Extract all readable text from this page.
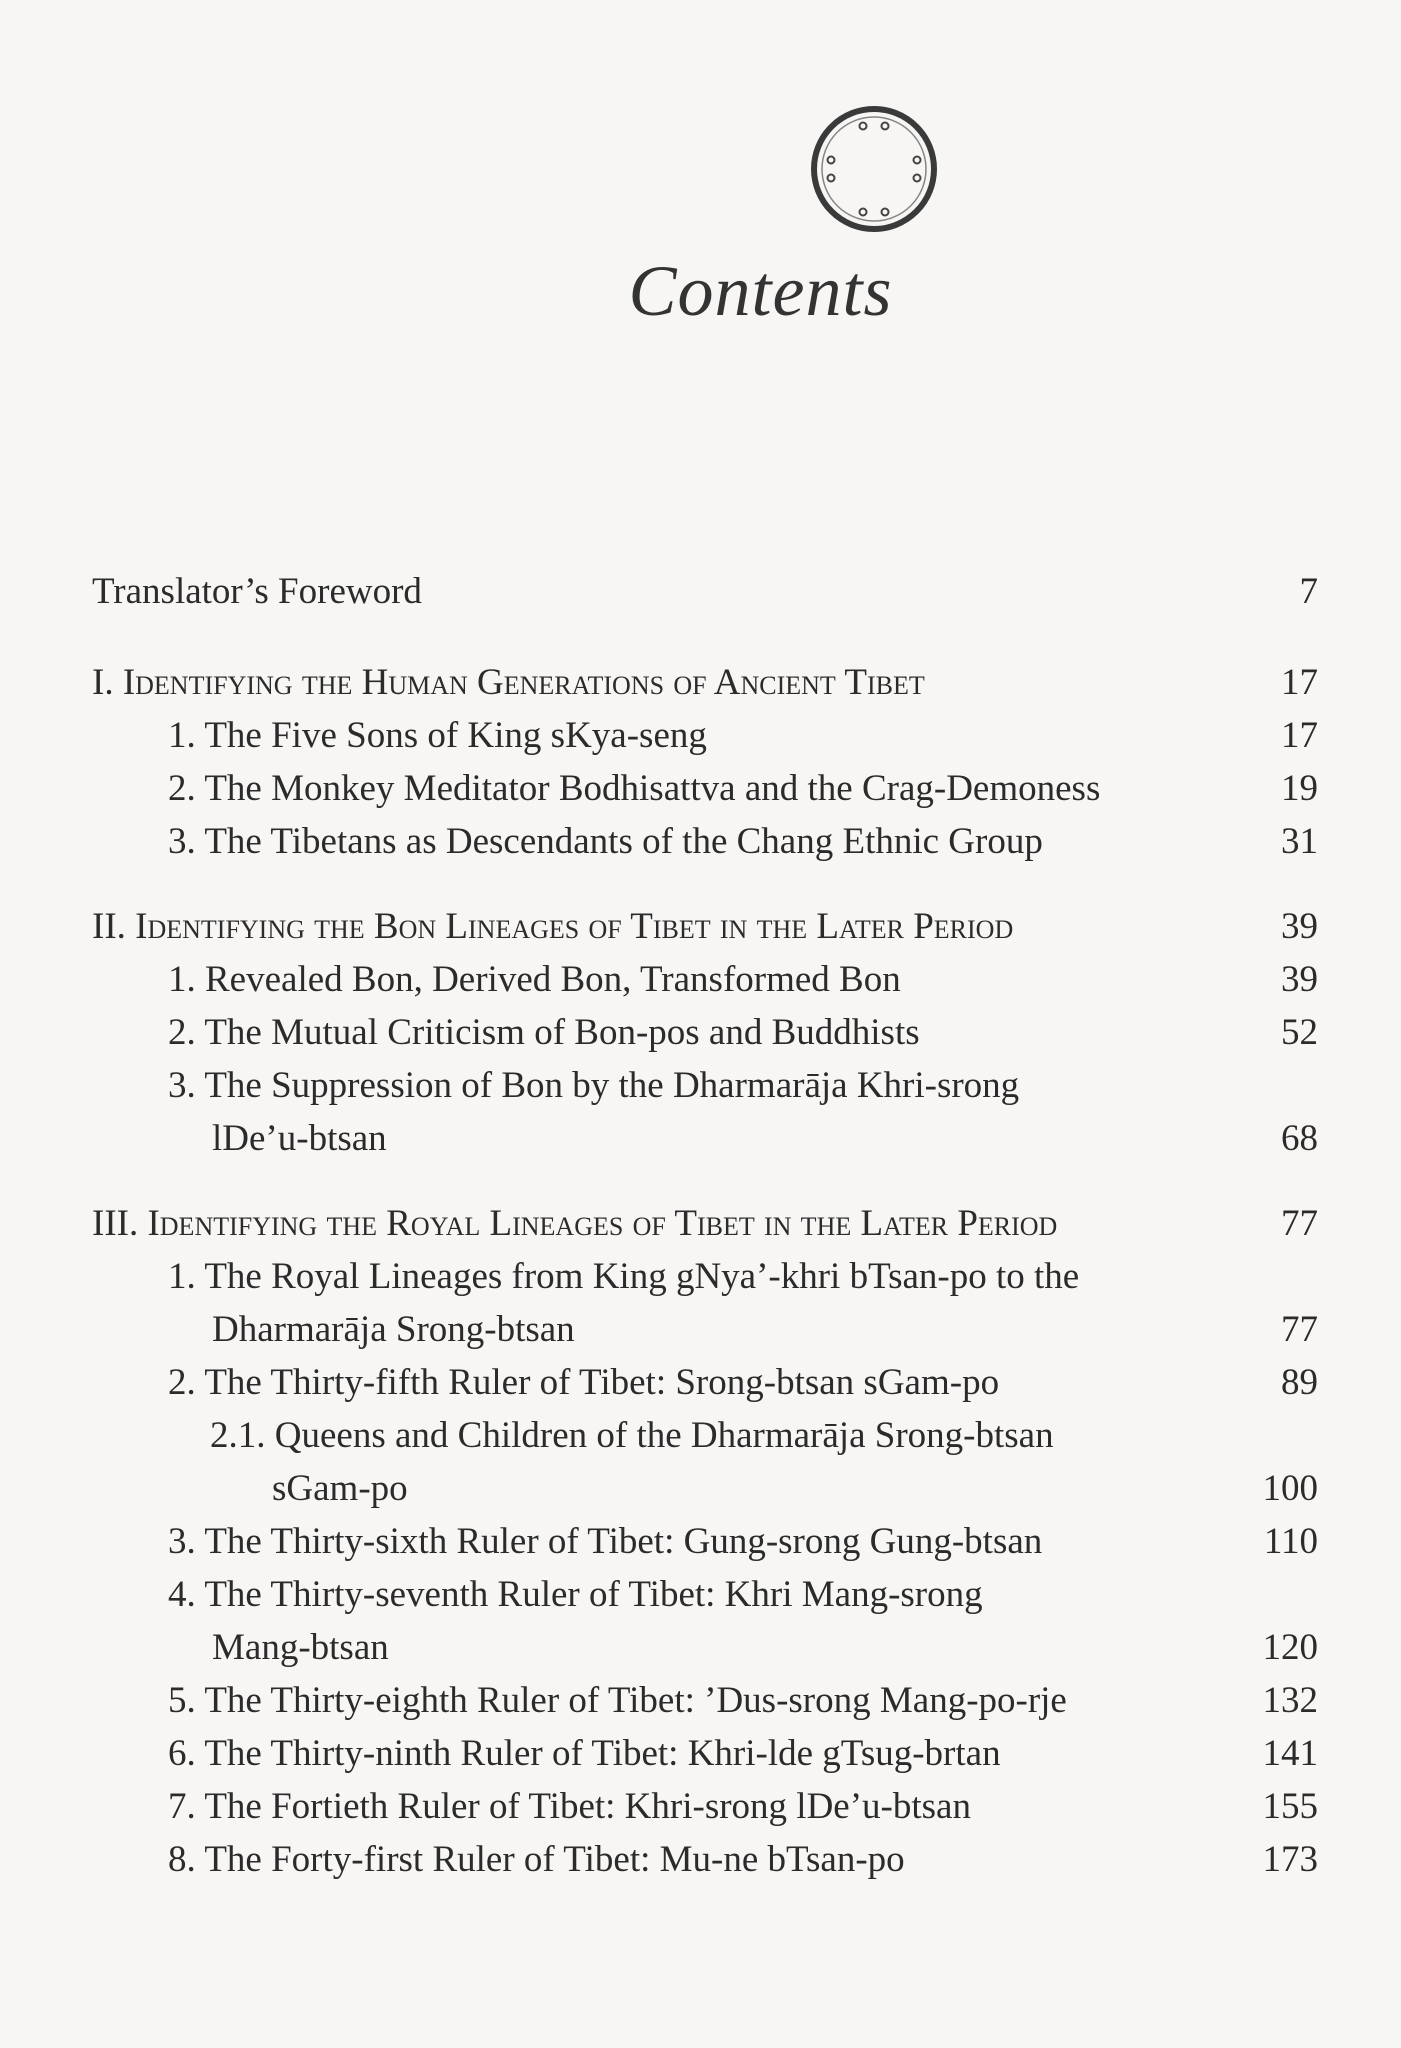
Contents
Translator’s Foreword	7
I. Identifying the Human Generations of Ancient Tibet	17
1. The Five Sons of King sKya-seng	17
2. The Monkey Meditator Bodhisattva and the Crag-Demoness	19
3. The Tibetans as Descendants of the Chang Ethnic Group	31
II. Identifying the Bon Lineages of Tibet in the Later Period	39
1. Revealed Bon, Derived Bon, Transformed Bon	39
2. The Mutual Criticism of Bon-pos and Buddhists	52
3. The Suppression of Bon by the Dharmarāja Khri-srong
lDe’u-btsan	68
III. Identifying the Royal Lineages of Tibet in the Later Period	77
1. The Royal Lineages from King gNya’-khri bTsan-po to the
Dharmarāja Srong-btsan	77
2. The Thirty-fifth Ruler of Tibet: Srong-btsan sGam-po	89
2.1. Queens and Children of the Dharmarāja Srong-btsan
sGam-po	100
3. The Thirty-sixth Ruler of Tibet: Gung-srong Gung-btsan	110
4. The Thirty-seventh Ruler of Tibet: Khri Mang-srong
Mang-btsan	120
5. The Thirty-eighth Ruler of Tibet: ’Dus-srong Mang-po-rje	132
6. The Thirty-ninth Ruler of Tibet: Khri-lde gTsug-brtan	141
7. The Fortieth Ruler of Tibet: Khri-srong lDe’u-btsan	155
8. The Forty-first Ruler of Tibet: Mu-ne bTsan-po	173
